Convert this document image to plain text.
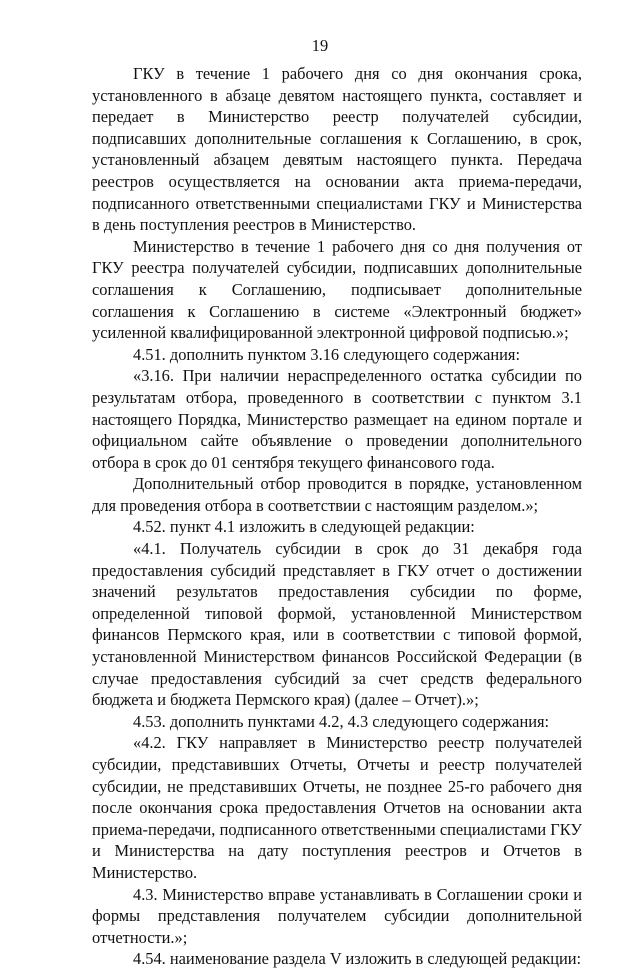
19

ГКУ в течение 1 рабочего дня со дня окончания срока, установленного в абзаце девятом настоящего пункта, составляет и передает в Министерство реестр получателей субсидии, подписавших дополнительные соглашения к Соглашению, в срок, установленный абзацем девятым настоящего пункта. Передача реестров осуществляется на основании акта приема-передачи, подписанного ответственными специалистами ГКУ и Министерства в день поступления реестров в Министерство.

Министерство в течение 1 рабочего дня со дня получения от ГКУ реестра получателей субсидии, подписавших дополнительные соглашения к Соглашению, подписывает дополнительные соглашения к Соглашению в системе «Электронный бюджет» усиленной квалифицированной электронной цифровой подписью.»;

4.51. дополнить пунктом 3.16 следующего содержания:

«3.16. При наличии нераспределенного остатка субсидии по результатам отбора, проведенного в соответствии с пунктом 3.1 настоящего Порядка, Министерство размещает на едином портале и официальном сайте объявление о проведении дополнительного отбора в срок до 01 сентября текущего финансового года.

Дополнительный отбор проводится в порядке, установленном для проведения отбора в соответствии с настоящим разделом.»;

4.52. пункт 4.1 изложить в следующей редакции:

«4.1. Получатель субсидии в срок до 31 декабря года предоставления субсидий представляет в ГКУ отчет о достижении значений результатов предоставления субсидии по форме, определенной типовой формой, установленной Министерством финансов Пермского края, или в соответствии с типовой формой, установленной Министерством финансов Российской Федерации (в случае предоставления субсидий за счет средств федерального бюджета и бюджета Пермского края) (далее – Отчет).»;

4.53. дополнить пунктами 4.2, 4.3 следующего содержания:

«4.2. ГКУ направляет в Министерство реестр получателей субсидии, представивших Отчеты, Отчеты и реестр получателей субсидии, не представивших Отчеты, не позднее 25-го рабочего дня после окончания срока предоставления Отчетов на основании акта приема-передачи, подписанного ответственными специалистами ГКУ и Министерства на дату поступления реестров и Отчетов в Министерство.

4.3. Министерство вправе устанавливать в Соглашении сроки и формы представления получателем субсидии дополнительной отчетности.»;

4.54. наименование раздела V изложить в следующей редакции:
